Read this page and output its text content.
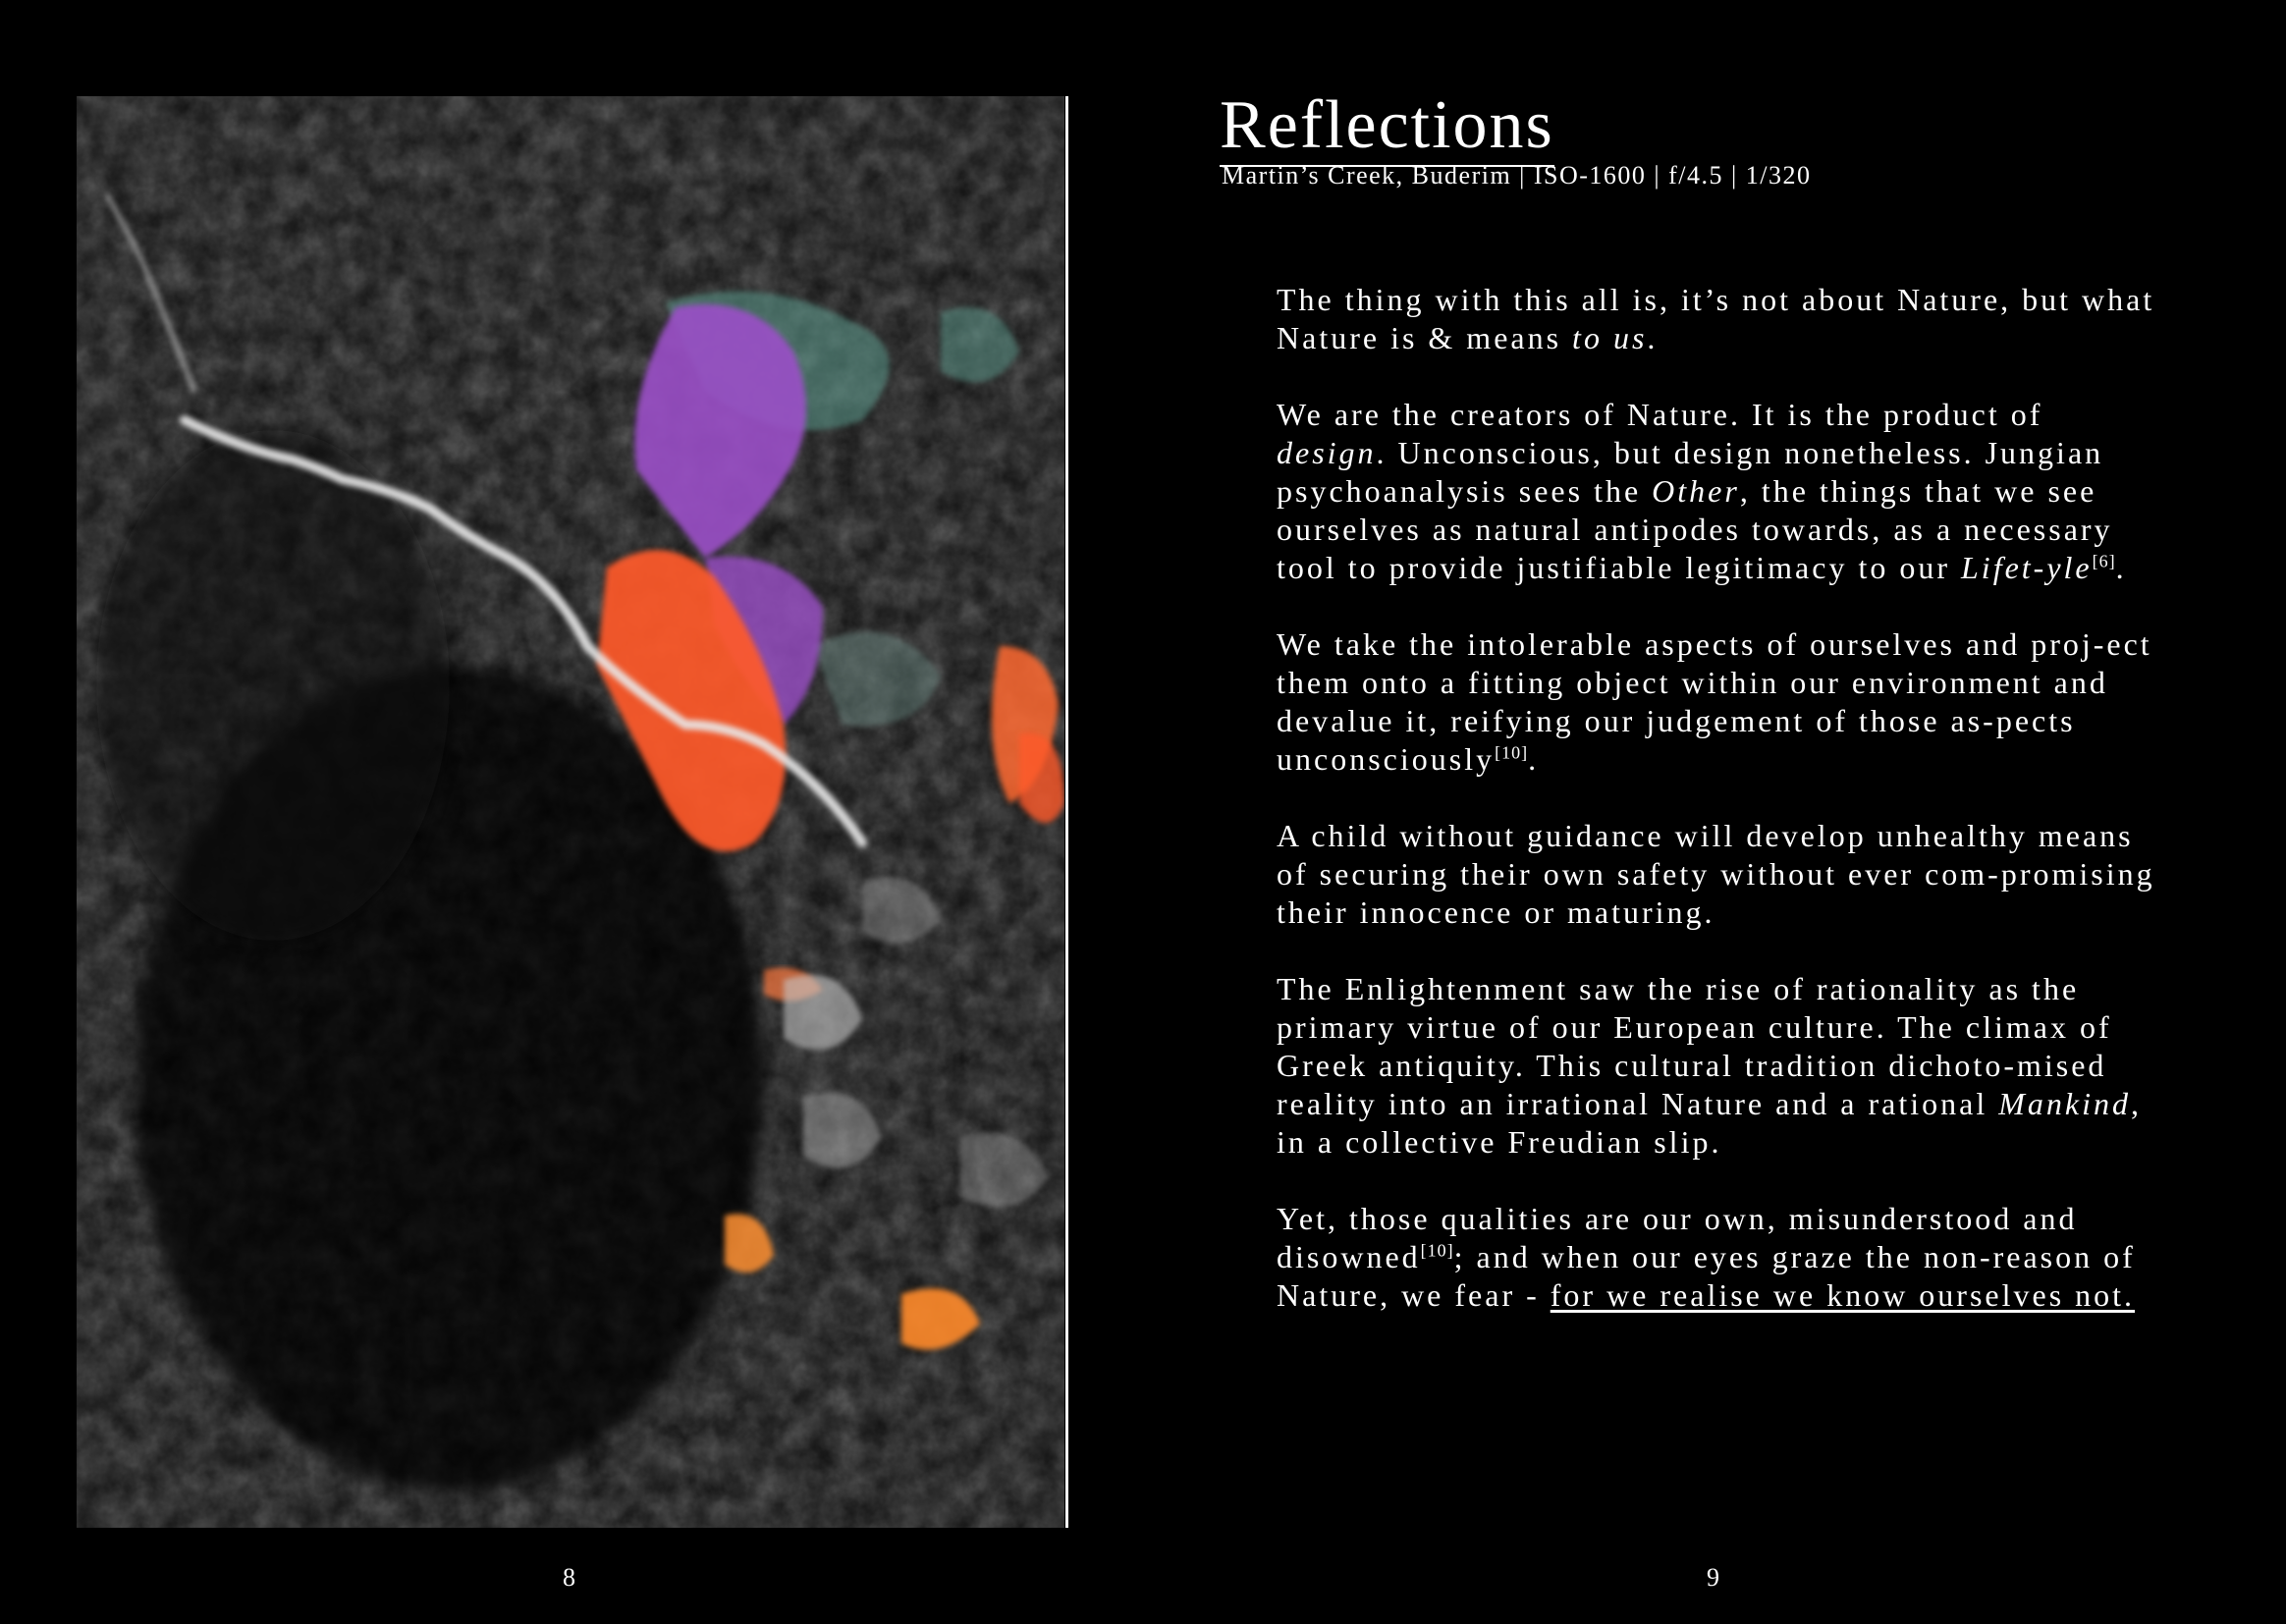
Reflections
Martin’s Creek, Buderim | ISO-1600 | f/4.5 | 1/320

The thing with this all is, it’s not about Nature, but what Nature is & means to us.

We are the creators of Nature. It is the product of design. Unconscious, but design nonetheless. Jungian psychoanalysis sees the Other, the things that we see ourselves as natural antipodes towards, as a necessary tool to provide justifiable legitimacy to our Lifet-yle[6].

We take the intolerable aspects of ourselves and proj-ect them onto a fitting object within our environment and devalue it, reifying our judgement of those as-pects unconsciously[10].

A child without guidance will develop unhealthy means of securing their own safety without ever com-promising their innocence or maturing.

The Enlightenment saw the rise of rationality as the primary virtue of our European culture. The climax of Greek antiquity. This cultural tradition dichoto-mised reality into an irrational Nature and a rational Mankind, in a collective Freudian slip.

Yet, those qualities are our own, misunderstood and disowned[10]; and when our eyes graze the non-reason of Nature, we fear - for we realise we know ourselves not.

8	9
